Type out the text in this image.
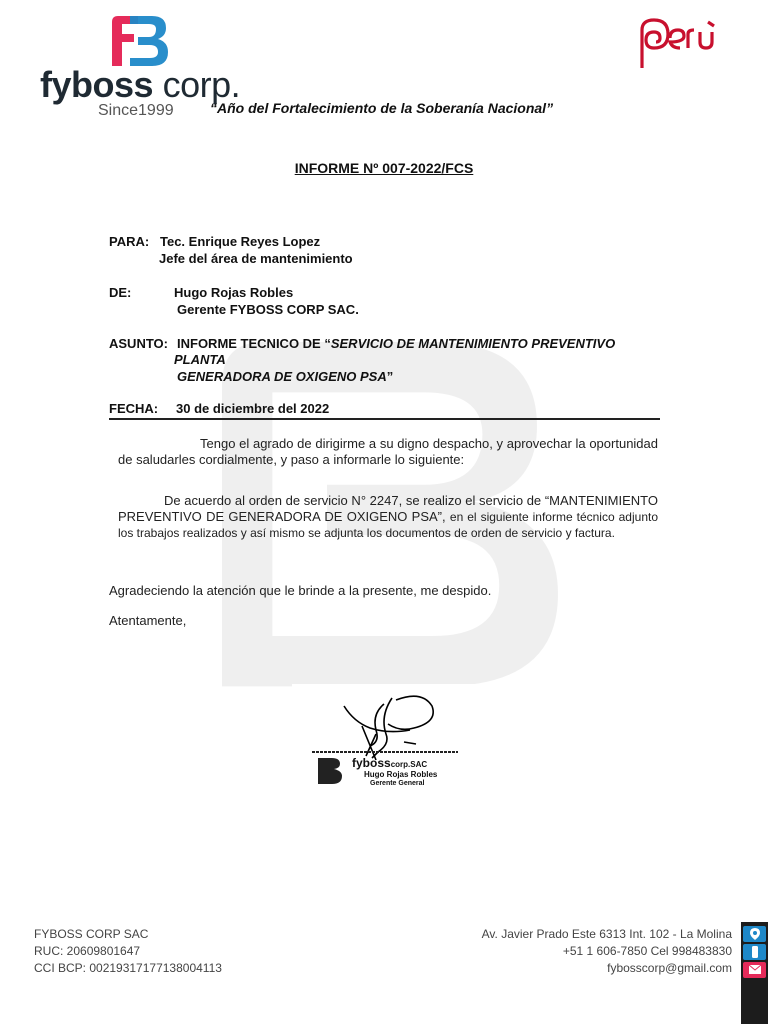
fyboss corp.
Since1999	“Año del Fortalecimiento de la Soberanía Nacional”
INFORME Nº 007-2022/FCS
PARA: Tec. Enrique Reyes Lopez
Jefe del área de mantenimiento
DE:	Hugo Rojas Robles
Gerente FYBOSS CORP SAC.
ASUNTO: INFORME TECNICO DE “SERVICIO DE MANTENIMIENTO PREVENTIVO
PLANTA
GENERADORA DE OXIGENO PSA”
FECHA: 30 de diciembre del 2022
Tengo el agrado de dirigirme a su digno despacho, y aprovechar la oportunidad de saludarles cordialmente, y paso a informarle lo siguiente:
De acuerdo al orden de servicio N° 2247, se realizo el servicio de “MANTENIMIENTO PREVENTIVO DE GENERADORA DE OXIGENO PSA”, en el siguiente informe técnico adjunto los trabajos realizados y así mismo se adjunta los documentos de orden de servicio y factura.
Agradeciendo la atención que le brinde a la presente, me despido.
Atentamente,
fybosscorp.SAC
Hugo Rojas Robles
Gerente General
FYBOSS CORP SAC
RUC: 20609801647
CCI BCP: 00219317177138004113
Av. Javier Prado Este 6313 Int. 102 - La Molina
+51 1 606-7850 Cel 998483830
fybosscorp@gmail.com
